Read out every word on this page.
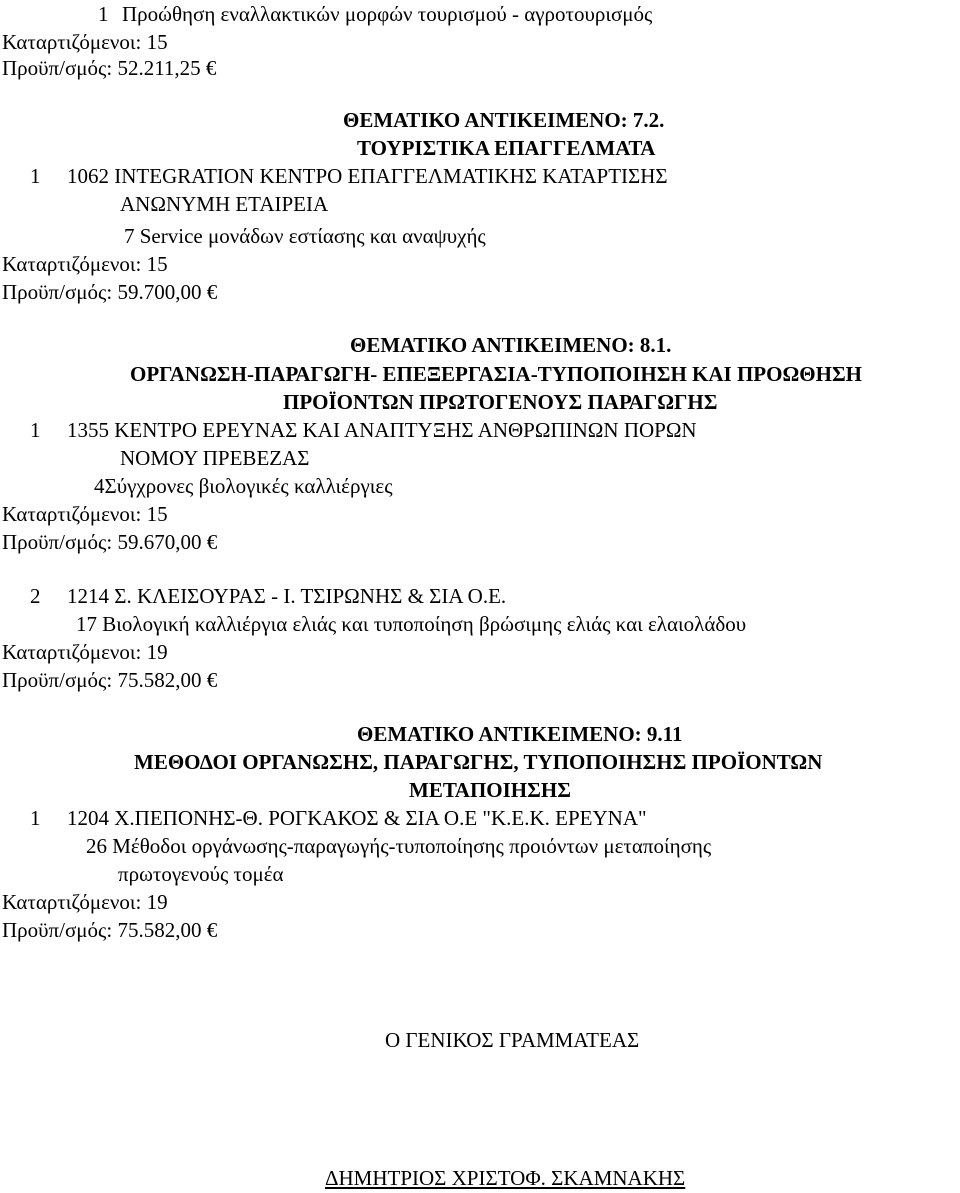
1 Προώθηση εναλλακτικών μορφών τουρισμού - αγροτουρισμός
Καταρτιζόμενοι: 15
Προϋπ/σμός: 52.211,25 €
ΘΕΜΑΤΙΚΟ ΑΝΤΙΚΕΙΜΕΝΟ: 7.2.
ΤΟΥΡΙΣΤΙΚΑ ΕΠΑΓΓΕΛΜΑΤΑ
1 1062 INTEGRATION ΚΕΝΤΡΟ ΕΠΑΓΓΕΛΜΑΤΙΚΗΣ ΚΑΤΑΡΤΙΣΗΣ
ΑΝΩΝΥΜΗ ΕΤΑΙΡΕΙΑ
7 Service μονάδων εστίασης και αναψυχής
Καταρτιζόμενοι: 15
Προϋπ/σμός: 59.700,00 €
ΘΕΜΑΤΙΚΟ ΑΝΤΙΚΕΙΜΕΝΟ: 8.1.
ΟΡΓΑΝΩΣΗ-ΠΑΡΑΓΩΓΗ- ΕΠΕΞΕΡΓΑΣΙΑ-ΤΥΠΟΠΟΙΗΣΗ ΚΑΙ ΠΡΟΩΘΗΣΗ
ΠΡΟΪΟΝΤΩΝ ΠΡΩΤΟΓΕΝΟΥΣ ΠΑΡΑΓΩΓΗΣ
1 1355 ΚΕΝΤΡΟ ΕΡΕΥΝΑΣ ΚΑΙ ΑΝΑΠΤΥΞΗΣ ΑΝΘΡΩΠΙΝΩΝ ΠΟΡΩΝ
ΝΟΜΟΥ ΠΡΕΒΕΖΑΣ
4Σύγχρονες βιολογικές καλλιέργιες
Καταρτιζόμενοι: 15
Προϋπ/σμός: 59.670,00 €
2 1214 Σ. ΚΛΕΙΣΟΥΡΑΣ - Ι. ΤΣΙΡΩΝΗΣ & ΣΙΑ Ο.Ε.
17 Βιολογική καλλιέργια ελιάς και τυποποίηση βρώσιμης ελιάς και ελαιολάδου
Καταρτιζόμενοι: 19
Προϋπ/σμός: 75.582,00 €
ΘΕΜΑΤΙΚΟ ΑΝΤΙΚΕΙΜΕΝΟ: 9.11
ΜΕΘΟΔΟΙ ΟΡΓΑΝΩΣΗΣ, ΠΑΡΑΓΩΓΗΣ, ΤΥΠΟΠΟΙΗΣΗΣ ΠΡΟΪΟΝΤΩΝ
ΜΕΤΑΠΟΙΗΣΗΣ
1 1204 Χ.ΠΕΠΟΝΗΣ-Θ. ΡΟΓΚΑΚΟΣ & ΣΙΑ Ο.Ε "Κ.Ε.Κ. ΕΡΕΥΝΑ"
26 Μέθοδοι οργάνωσης-παραγωγής-τυποποίησης προιόντων μεταποίησης
πρωτογενούς τομέα
Καταρτιζόμενοι: 19
Προϋπ/σμός: 75.582,00 €
Ο ΓΕΝΙΚΟΣ ΓΡΑΜΜΑΤΕΑΣ
ΔΗΜΗΤΡΙΟΣ ΧΡΙΣΤΟΦ. ΣΚΑΜΝΑΚΗΣ
